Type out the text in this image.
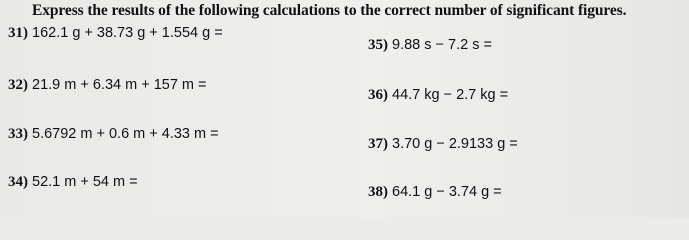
Express the results of the following calculations to the correct number of significant figures.
31) 162.1 g + 38.73 g + 1.554 g =
32) 21.9 m + 6.34 m + 157 m =
33) 5.6792 m + 0.6 m + 4.33 m =
34) 52.1 m + 54 m =
35) 9.88 s − 7.2 s =
36) 44.7 kg − 2.7 kg =
37) 3.70 g − 2.9133 g =
38) 64.1 g − 3.74 g =
